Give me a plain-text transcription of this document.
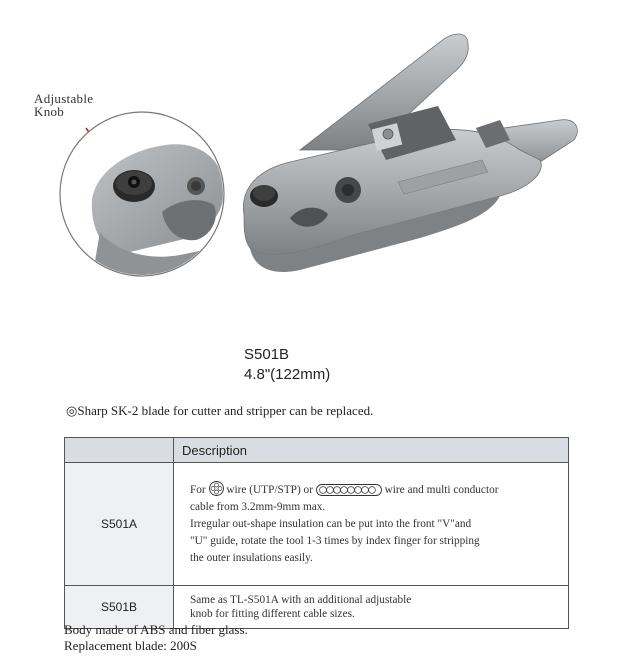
Adjustable
Knob
S501B
4.8"(122mm)
◎Sharp SK-2 blade for cutter and stripper can be replaced.
	Description
S501A	For  wire (UTP/STP) or wire and multi conductor
cable from 3.2mm-9mm max.
Irregular out-shape insulation can be put into the front "V"and
"U" guide, rotate the tool 1-3 times by index finger for stripping
the outer insulations easily.

S501B	Same as TL-S501A with an additional adjustable
knob for fitting different cable sizes.
Body made of ABS and fiber glass.
Replacement blade: 200S
